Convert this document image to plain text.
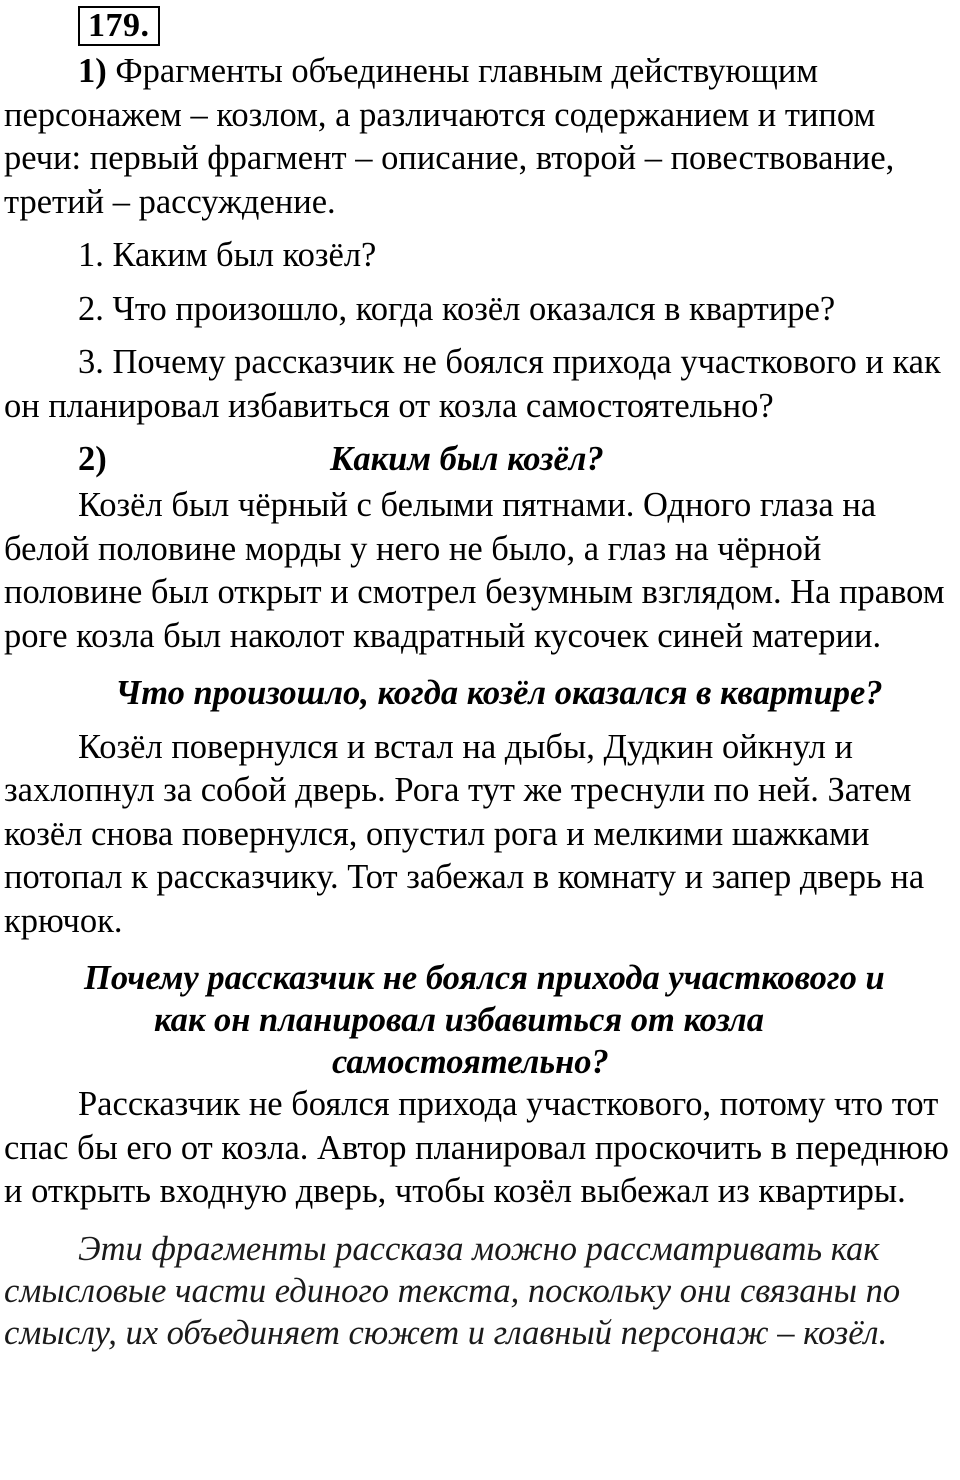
179.

1) Фрагменты объединены главным действующим персонажем – козлом, а различаются содержанием и типом речи: первый фрагмент – описание, второй – повествование, третий – рассуждение.

1. Каким был козёл?

2. Что произошло, когда козёл оказался в квартире?

3. Почему рассказчик не боялся прихода участкового и как он планировал избавиться от козла самостоятельно?

2)	Каким был козёл?

Козёл был чёрный с белыми пятнами. Одного глаза на белой половине морды у него не было, а глаз на чёрной половине был открыт и смотрел безумным взглядом. На правом роге козла был наколот квадратный кусочек синей материи.

Что произошло, когда козёл оказался в квартире?

Козёл повернулся и встал на дыбы, Дудкин ойкнул и захлопнул за собой дверь. Рога тут же треснули по ней. Затем козёл снова повернулся, опустил рога и мелкими шажками потопал к рассказчику. Тот забежал в комнату и запер дверь на крючок.

Почему рассказчик не боялся прихода участкового и

как он планировал избавиться от козла

самостоятельно?

Рассказчик не боялся прихода участкового, потому что тот спас бы его от козла. Автор планировал проскочить в переднюю и открыть входную дверь, чтобы козёл выбежал из квартиры.

Эти фрагменты рассказа можно рассматривать как смысловые части единого текста, поскольку они связаны по смыслу, их объединяет сюжет и главный персонаж – козёл.
